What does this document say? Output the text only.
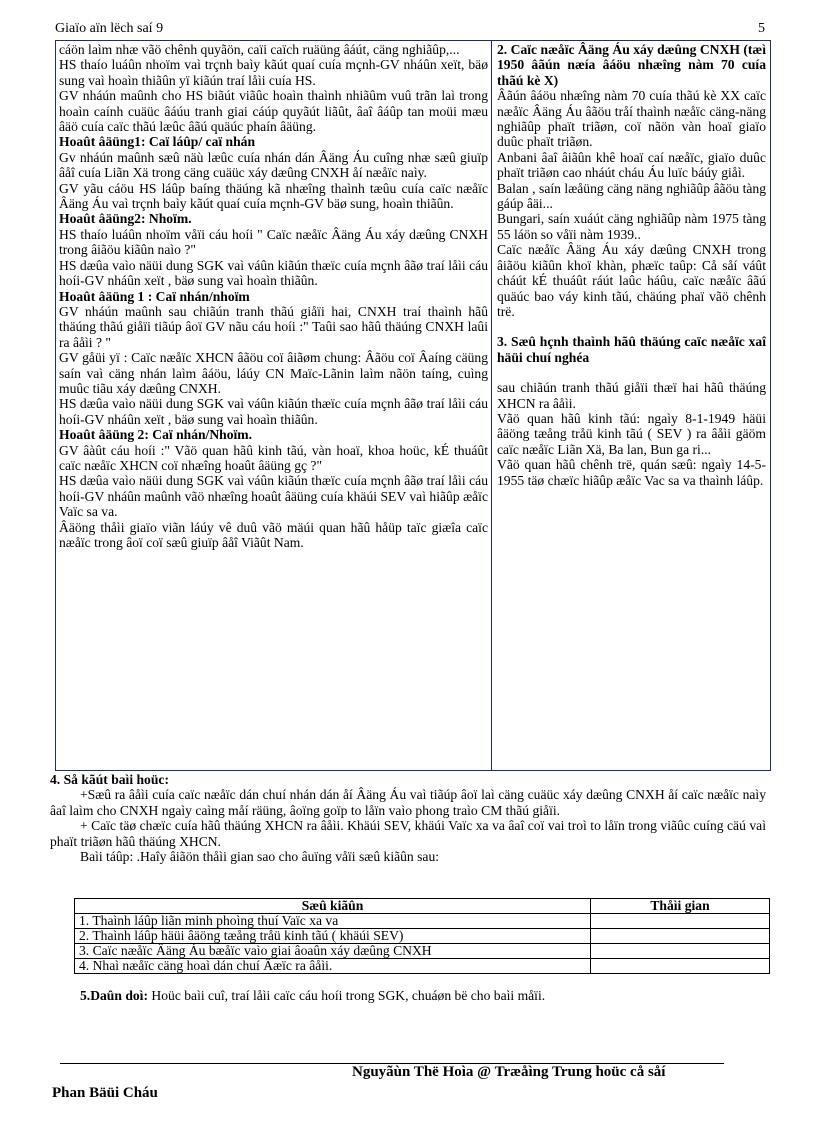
Giaïo aïn lëch saí 9	5

cáön laìm nhæ vãö chênh quyãön, caïi caïch ruäüng âáút, cäng nghiãûp,...

HS thaío luáûn nhoïm vaì trçnh baìy kãút quaí cuía mçnh-GV nháûn xeït, bäø sung vaì hoaìn thiãûn yï kiãún traí låìi cuía HS.

GV nháún maûnh cho HS biãút viãûc hoaìn thaình nhiãûm vuû trãn laì trong hoaìn caính cuäüc âáúu tranh giai cáúp quyãút liãût, âaî âáûp tan moüi mæu âäö cuía caïc thãú læûc âãú quäúc phaín âäüng.

Hoaût âäüng1: Caï láûp/ caï nhán

Gv nháún maûnh sæû näù læûc cuía nhán dán Âäng Áu cuîng nhæ sæû giuïp âåî cuía Liãn Xä trong cäng cuäüc xáy dæûng CNXH åí næåïc naìy.

GV yãu cáöu HS láûp baíng thäúng kã nhæîng thaình tæûu cuía caïc næåïc Âäng Áu vaì trçnh baìy kãút quaí cuía mçnh-GV bäø sung, hoaìn thiãûn.

Hoaût âäüng2: Nhoïm.

HS thaío luáûn nhoïm våïi cáu hoíi " Caïc næåïc Âäng Áu xáy dæûng CNXH trong âiãöu kiãûn naìo ?"

HS dæûa vaìo näüi dung SGK vaì váûn kiãún thæïc cuía mçnh âãø traí låìi cáu hoíi-GV nháûn xeït , bäø sung vaì hoaìn thiãûn.

Hoaût âäüng 1 : Caï nhán/nhoïm

GV nháún maûnh sau chiãún tranh thãú giåïi hai, CNXH traí thaình hãû thäúng thãú giåïi tiãúp âoï GV nãu cáu hoíi :" Taûi sao hãû thäúng CNXH laûi ra âåìi ? "

GV gåüi yï : Caïc næåïc XHCN âãöu coï âiãøm chung: Âãöu coï Âaíng cäüng saín vaì cäng nhán laìm âáöu, láúy CN Maïc-Lãnin laìm nãön taíng, cuìng muûc tiãu xáy dæûng CNXH.

HS dæûa vaìo näüi dung SGK vaì váûn kiãún thæïc cuía mçnh âãø traí låìi cáu hoíi-GV nháûn xeït , bäø sung vaì hoaìn thiãûn.

Hoaût âäüng 2: Caï nhán/Nhoïm.

GV âàût cáu hoíi :" Vãö quan hãû kinh tãú, vàn hoaï, khoa hoüc, kÉ thuáût caïc næåïc XHCN coï nhæîng hoaût âäüng gç ?"

HS dæûa vaìo näüi dung SGK vaì váûn kiãún thæïc cuía mçnh âãø traí låìi cáu hoíi-GV nháûn maûnh vãö nhæîng hoaût âäüng cuía khäúi SEV vaì hiãûp æåïc Vaïc sa va.

Âäöng thåìi giaïo viãn láúy vê duû vãö mäúi quan hãû håüp taïc giæîa caïc næåïc trong âoï coï sæû giuïp âåî Viãût Nam.

2. Caïc næåïc Âäng Áu xáy dæûng CNXH (tæì 1950 âãún næía âáöu nhæîng nàm 70 cuía thãú kè X)

Âãún âáöu nhæîng nàm 70 cuía thãú kè XX caïc næåïc Âäng Áu âãöu tråí thaình næåïc cäng-näng nghiãûp phaït triãøn, coï nãön vàn hoaï giaïo duûc phaït triãøn.

Anbani âaî âiãûn khê hoaï caí næåïc, giaïo duûc phaït triãøn cao nháút cháu Áu luïc báúy giåì.

Balan , saín læåüng cäng näng nghiãûp âãöu tàng gáúp âäi...

Bungari, saín xuáút cäng nghiãûp nàm 1975 tàng 55 láön so våïi nàm 1939..

Caïc næåïc Âäng Áu xáy dæûng CNXH trong âiãöu kiãûn khoï khàn, phæïc taûp: Cå såí váût cháút kÉ thuáût ráút laûc háûu, caïc næåïc âãú quäúc bao váy kinh tãú, chäúng phaï vãö chênh trë.

3. Sæû hçnh thaình hãû thäúng caïc næåïc xaî häüi chuí nghéa

sau chiãún tranh thãú giåïi thæï hai hãû thäúng XHCN ra âåìi.

Vãö quan hãû kinh tãú: ngaìy 8-1-1949 häüi âäöng tæång tråü kinh tãú ( SEV ) ra âåìi gäöm caïc næåïc Liãn Xä, Ba lan, Bun ga ri...

Vãö quan hãû chênh trë, quán sæû: ngaìy 14-5-1955 täø chæïc hiãûp æåïc Vac sa va thaình láûp.

4. Så kãút baìi hoüc:

+Sæû ra âåìi cuía caïc næåïc dán chuí nhán dán åí Âäng Áu vaì tiãúp âoï laì cäng cuäüc xáy dæûng CNXH åí caïc næåïc naìy âaî laìm cho CNXH ngaìy caìng måí räüng, âoïng goïp to låïn vaìo phong traìo CM thãú giåïi.

+ Caïc täø chæïc cuía hãû thäúng XHCN ra âåìi. Khäúi SEV, khäúi Vaïc xa va âaî coï vai troì to låïn trong viãûc cuíng cäú vaì phaït triãøn hãû thäúng XHCN.

Baìi táûp: .Haîy âiãön thåìi gian sao cho âuïng våïi sæû kiãûn sau:

Sæû kiãûn	Thåìi gian
1. Thaình láûp liãn minh phoìng thuí Vaïc xa va	
2. Thaình láûp häüi âäöng tæång tråü kinh tãú ( khäúi SEV)	
3. Caïc næåïc Âäng Áu bæåïc vaìo giai âoaûn xáy dæûng CNXH	
4. Nhaì næåïc cäng hoaì dán chuí Âæïc ra âåìi.	
5.Daûn doì: Hoüc baìi cuî, traí låìi caïc cáu hoíi trong SGK, chuáøn bë cho baìi måïi.
Nguyãùn Thë Hoìa @ Træåìng Trung hoüc cå såí
Phan Bäüi Cháu
